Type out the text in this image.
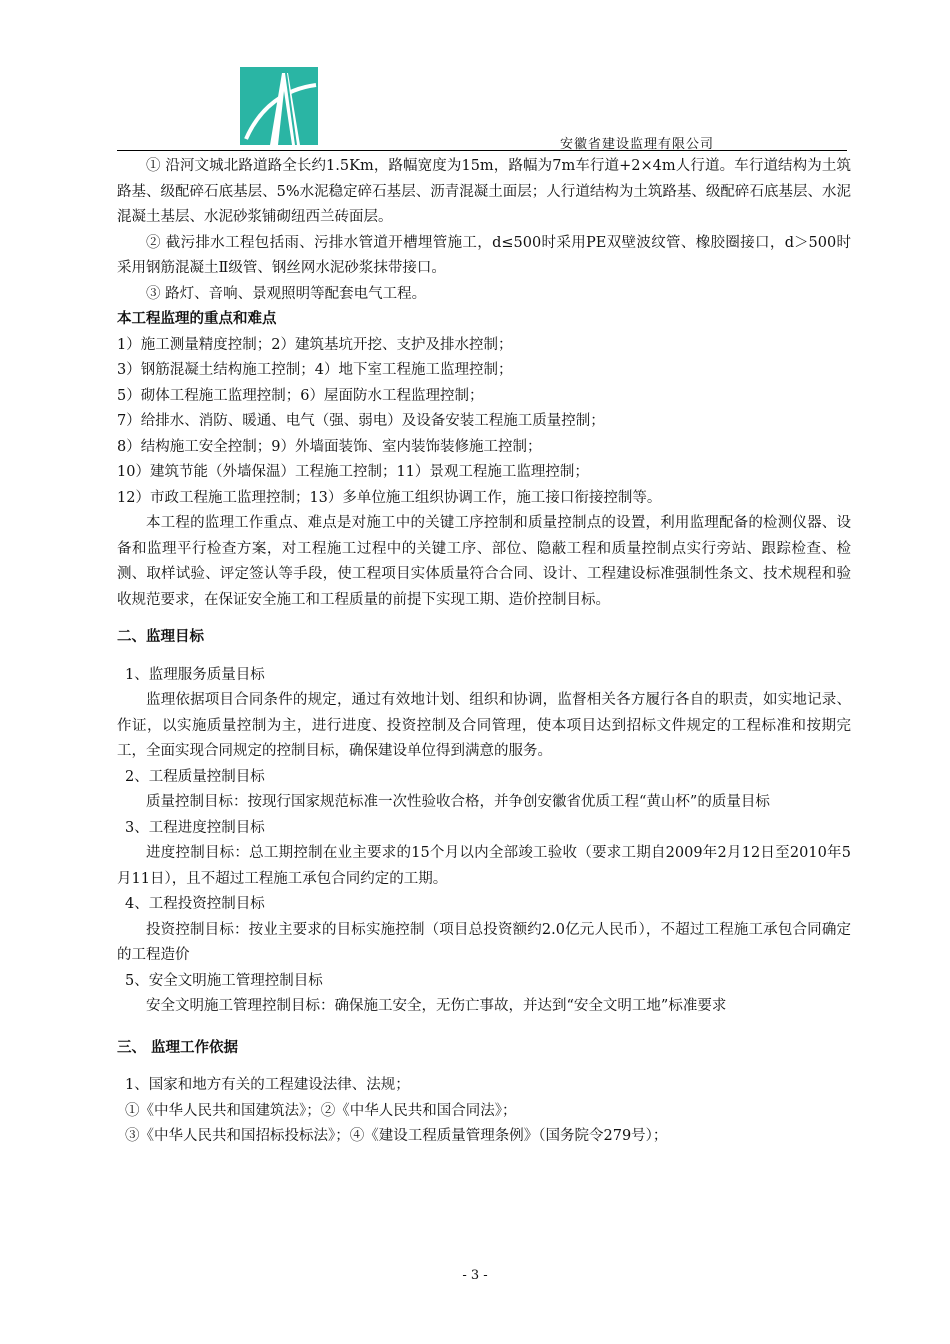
安徽省建设监理有限公司

① 沿河文城北路道路全长约1.5Km，路幅宽度为15m，路幅为7m车行道+2×4m人行道。车行道结构为土筑路基、级配碎石底基层、5%水泥稳定碎石基层、沥青混凝土面层；人行道结构为土筑路基、级配碎石底基层、水泥混凝土基层、水泥砂浆铺砌纽西兰砖面层。

② 截污排水工程包括雨、污排水管道开槽埋管施工，d≤500时采用PE双壁波纹管、橡胶圈接口，d＞500时采用钢筋混凝土Ⅱ级管、钢丝网水泥砂浆抹带接口。

③ 路灯、音响、景观照明等配套电气工程。

本工程监理的重点和难点

1）施工测量精度控制；2）建筑基坑开挖、支护及排水控制；

3）钢筋混凝土结构施工控制；4）地下室工程施工监理控制；

5）砌体工程施工监理控制；6）屋面防水工程监理控制；

7）给排水、消防、暖通、电气（强、弱电）及设备安装工程施工质量控制；

8）结构施工安全控制；9）外墙面装饰、室内装饰装修施工控制；

10）建筑节能（外墙保温）工程施工控制；11）景观工程施工监理控制；

12）市政工程施工监理控制；13）多单位施工组织协调工作，施工接口衔接控制等。

本工程的监理工作重点、难点是对施工中的关键工序控制和质量控制点的设置，利用监理配备的检测仪器、设备和监理平行检查方案，对工程施工过程中的关键工序、部位、隐蔽工程和质量控制点实行旁站、跟踪检查、检测、取样试验、评定签认等手段，使工程项目实体质量符合合同、设计、工程建设标准强制性条文、技术规程和验收规范要求，在保证安全施工和工程质量的前提下实现工期、造价控制目标。

二、监理目标

1、监理服务质量目标

监理依据项目合同条件的规定，通过有效地计划、组织和协调，监督相关各方履行各自的职责，如实地记录、作证，以实施质量控制为主，进行进度、投资控制及合同管理，使本项目达到招标文件规定的工程标准和按期完工，全面实现合同规定的控制目标，确保建设单位得到满意的服务。

2、工程质量控制目标

质量控制目标：按现行国家规范标准一次性验收合格，并争创安徽省优质工程“黄山杯”的质量目标

3、工程进度控制目标

进度控制目标：总工期控制在业主要求的15个月以内全部竣工验收（要求工期自2009年2月12日至2010年5月11日），且不超过工程施工承包合同约定的工期。

4、工程投资控制目标

投资控制目标：按业主要求的目标实施控制（项目总投资额约2.0亿元人民币），不超过工程施工承包合同确定的工程造价

5、安全文明施工管理控制目标

安全文明施工管理控制目标：确保施工安全，无伤亡事故，并达到“安全文明工地”标准要求

三、 监理工作依据

1、国家和地方有关的工程建设法律、法规；

①《中华人民共和国建筑法》；②《中华人民共和国合同法》；

③《中华人民共和国招标投标法》；④《建设工程质量管理条例》（国务院令279号）；

- 3 -
